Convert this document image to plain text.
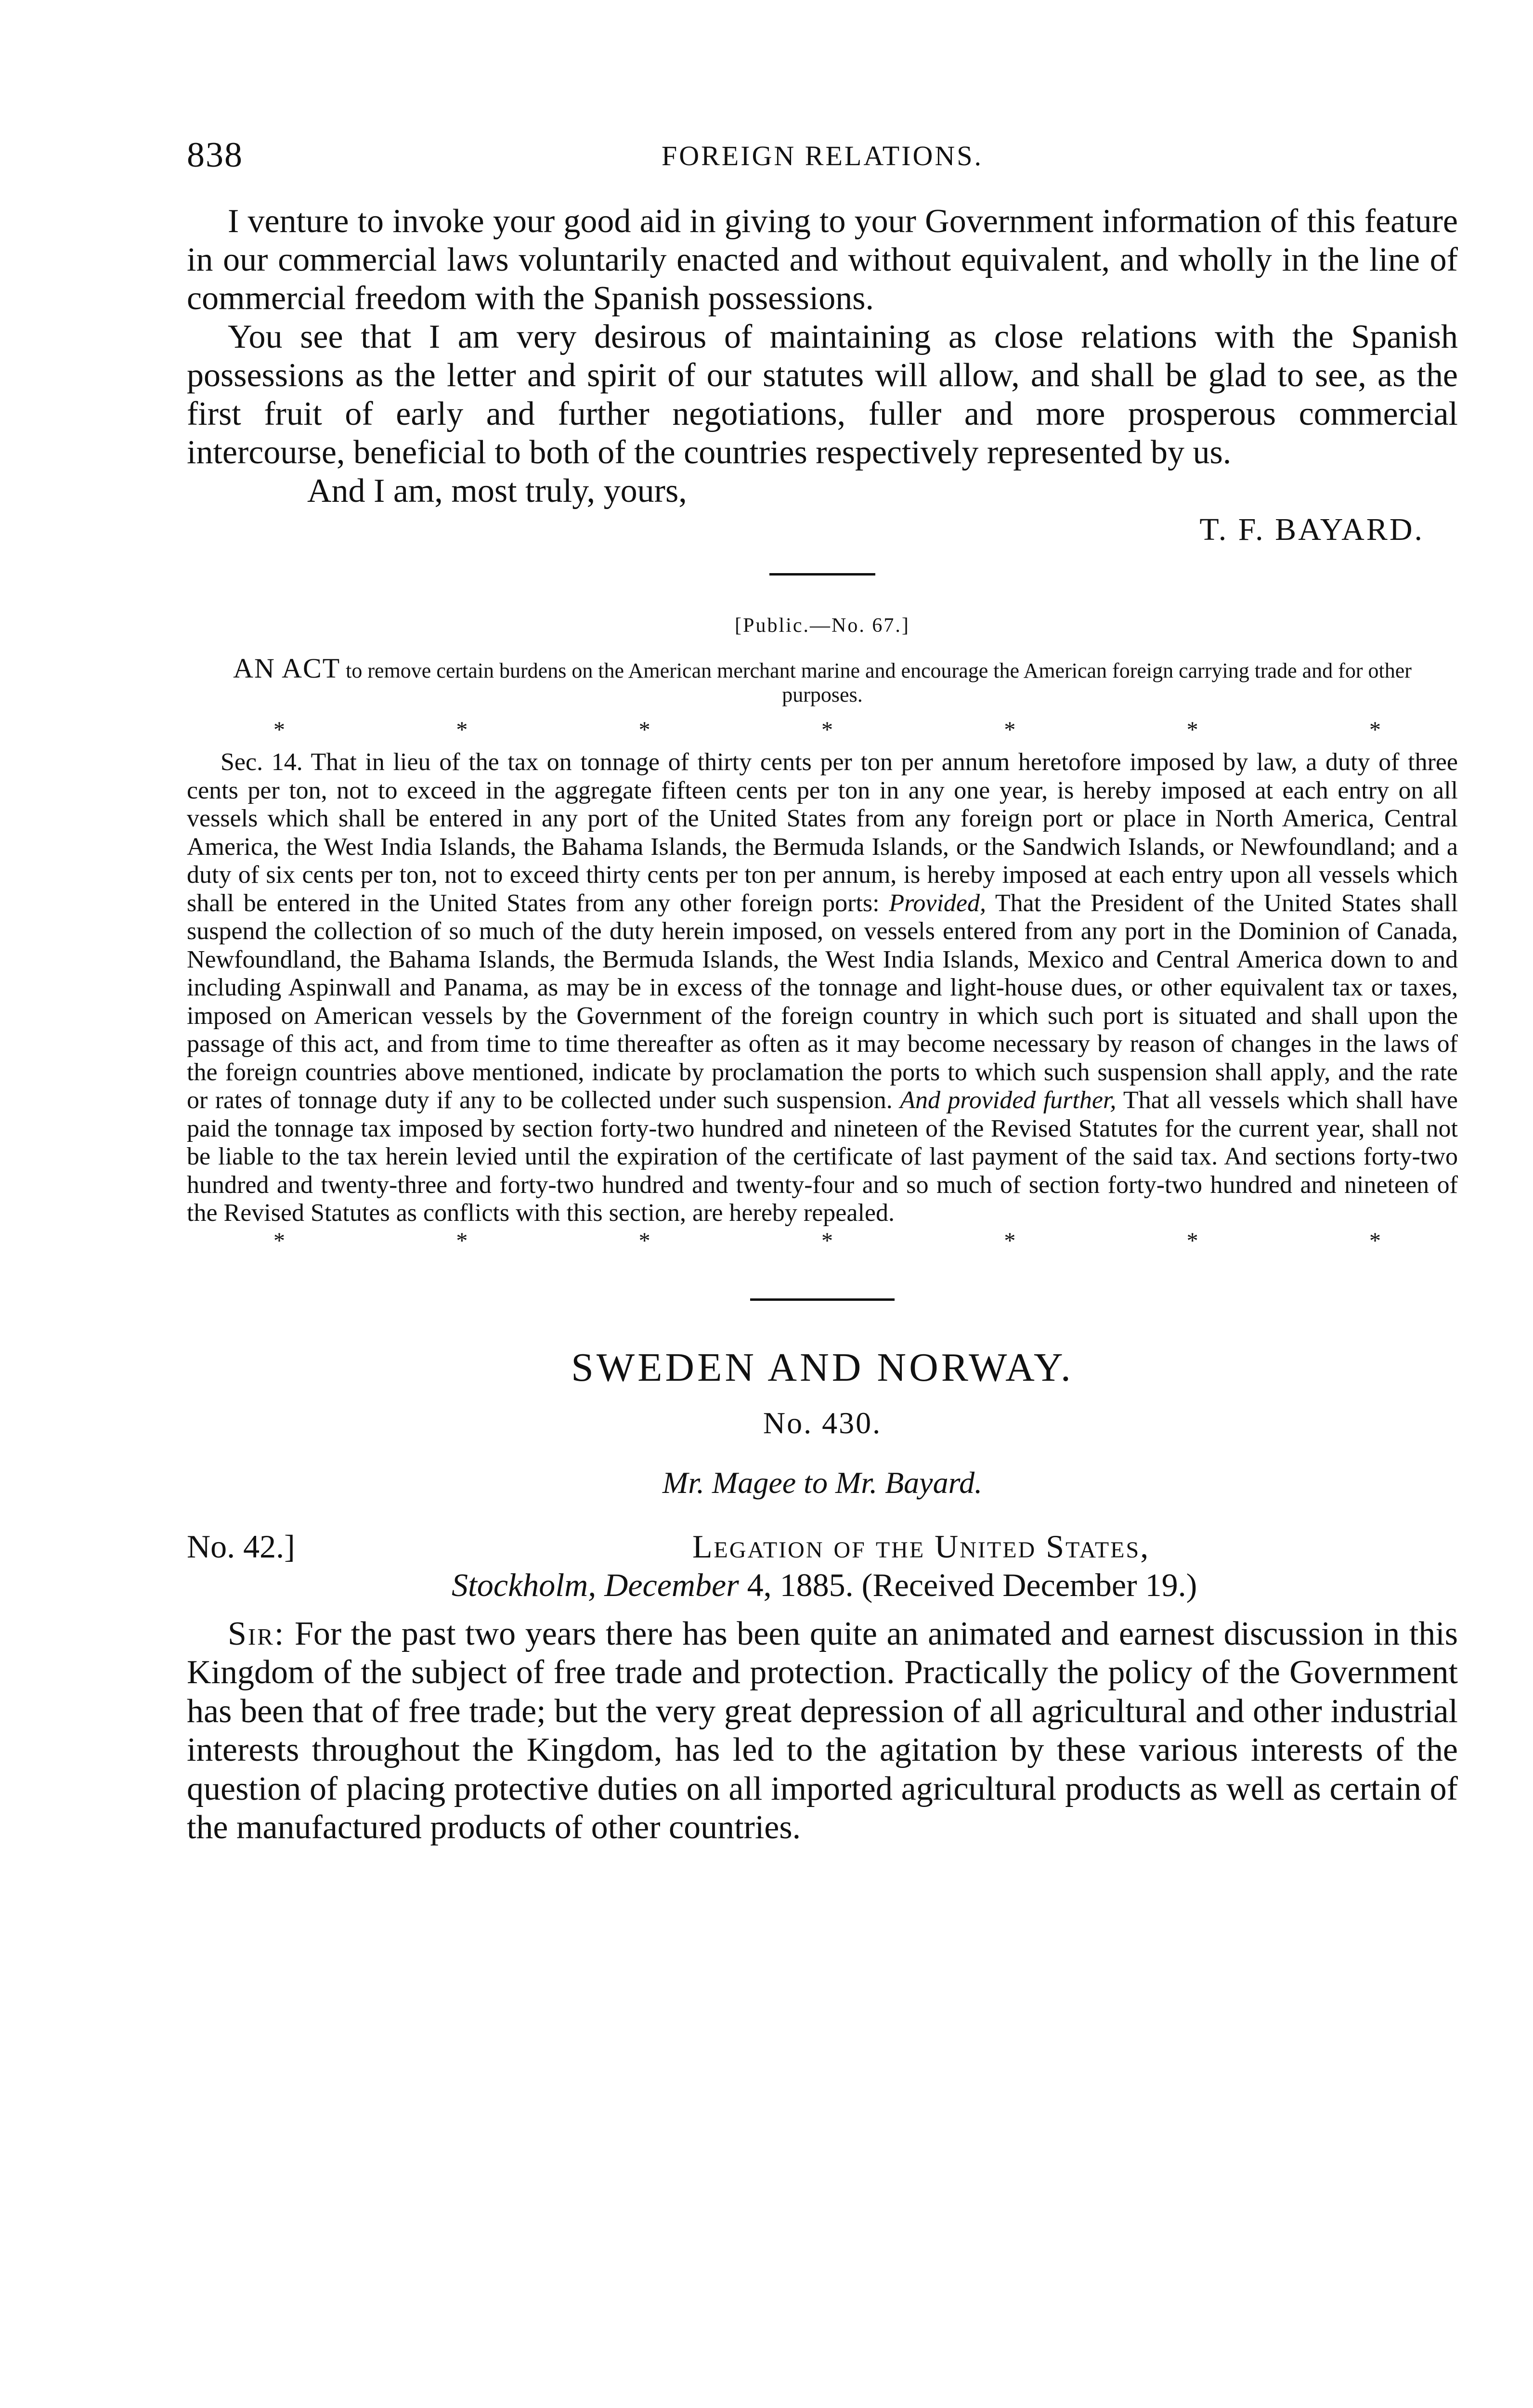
838	FOREIGN RELATIONS.

I venture to invoke your good aid in giving to your Government information of this feature in our commercial laws voluntarily enacted and without equivalent, and wholly in the line of commercial freedom with the Spanish possessions.

You see that I am very desirous of maintaining as close relations with the Spanish possessions as the letter and spirit of our statutes will allow, and shall be glad to see, as the first fruit of early and further negotiations, fuller and more prosperous commercial intercourse, beneficial to both of the countries respectively represented by us.

And I am, most truly, yours,
T. F. BAYARD.
[Public.—No. 67.]
AN ACT to remove certain burdens on the American merchant marine and encourage the American foreign carrying trade and for other purposes.
*	*	*	*	*	*	*

Sec. 14. That in lieu of the tax on tonnage of thirty cents per ton per annum heretofore imposed by law, a duty of three cents per ton, not to exceed in the aggregate fifteen cents per ton in any one year, is hereby imposed at each entry on all vessels which shall be entered in any port of the United States from any foreign port or place in North America, Central America, the West India Islands, the Bahama Islands, the Bermuda Islands, or the Sandwich Islands, or Newfoundland; and a duty of six cents per ton, not to exceed thirty cents per ton per annum, is hereby imposed at each entry upon all vessels which shall be entered in the United States from any other foreign ports: Provided, That the President of the United States shall suspend the collection of so much of the duty herein imposed, on vessels entered from any port in the Dominion of Canada, Newfoundland, the Bahama Islands, the Bermuda Islands, the West India Islands, Mexico and Central America down to and including Aspinwall and Panama, as may be in excess of the tonnage and light-house dues, or other equivalent tax or taxes, imposed on American vessels by the Government of the foreign country in which such port is situated and shall upon the passage of this act, and from time to time thereafter as often as it may become necessary by reason of changes in the laws of the foreign countries above mentioned, indicate by proclamation the ports to which such suspension shall apply, and the rate or rates of tonnage duty if any to be collected under such suspension. And provided further, That all vessels which shall have paid the tonnage tax imposed by section forty-two hundred and nineteen of the Revised Statutes for the current year, shall not be liable to the tax herein levied until the expiration of the certificate of last payment of the said tax. And sections forty-two hundred and twenty-three and forty-two hundred and twenty-four and so much of section forty-two hundred and nineteen of the Revised Statutes as conflicts with this section, are hereby repealed.

*	*	*	*	*	*	*
SWEDEN AND NORWAY.
No. 430.
Mr. Magee to Mr. Bayard.
No. 42.]	Legation of the United States,
Stockholm, December 4, 1885. (Received December 19.)

Sir: For the past two years there has been quite an animated and earnest discussion in this Kingdom of the subject of free trade and protection. Practically the policy of the Government has been that of free trade; but the very great depression of all agricultural and other industrial interests throughout the Kingdom, has led to the agitation by these various interests of the question of placing protective duties on all imported agricultural products as well as certain of the manufactured products of other countries.
